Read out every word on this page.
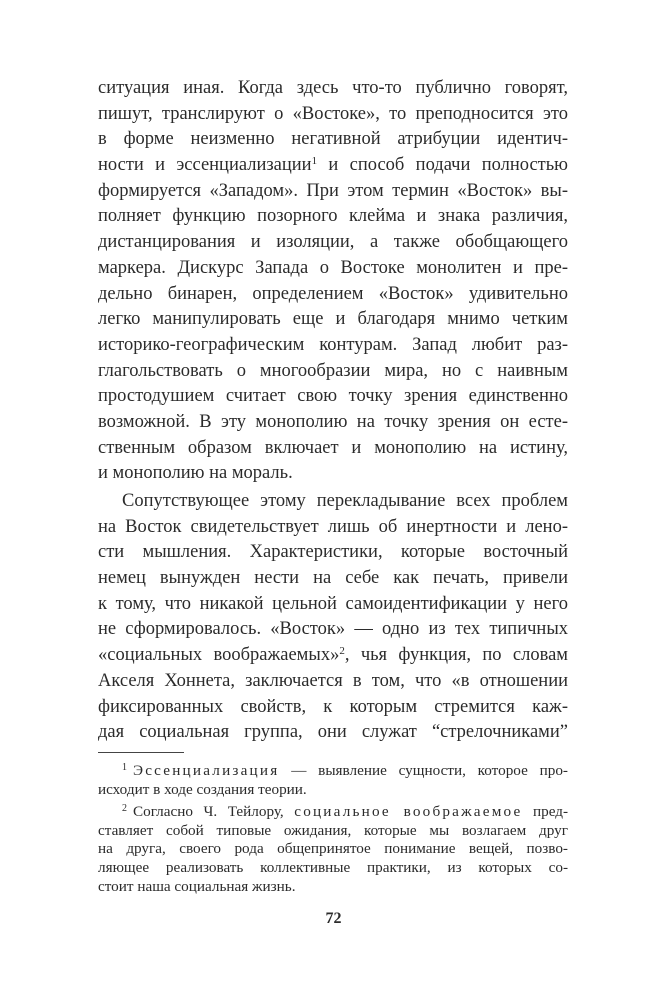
ситуация иная. Когда здесь что-то публично говорят,
пишут, транслируют о «Востоке», то преподносится это
в форме неизменно негативной атрибуции идентич-
ности и эссенциализации$^1$ и способ подачи полностью
формируется «Западом». При этом термин «Восток» вы-
полняет функцию позорного клейма и знака различия,
дистанцирования и изоляции, а также обобщающего
маркера. Дискурс Запада о Востоке монолитен и пре-
дельно бинарен, определением «Восток» удивительно
легко манипулировать еще и благодаря мнимо четким
историко-географическим контурам. Запад любит раз-
глагольствовать о многообразии мира, но с наивным
простодушием считает свою точку зрения единственно
возможной. В эту монополию на точку зрения он есте-
ственным образом включает и монополию на истину,
и монополию на мораль.
Сопутствующее этому перекладывание всех проблем
на Восток свидетельствует лишь об инертности и лено-
сти мышления. Характеристики, которые восточный
немец вынужден нести на себе как печать, привели
к тому, что никакой цельной самоидентификации у него
не сформировалось. «Восток» — одно из тех типичных
«социальных воображаемых»$^2$, чья функция, по словам
Акселя Хоннета, заключается в том, что «в отношении
фиксированных свойств, к которым стремится каж-
дая социальная группа, они служат “стрелочниками”
$^1$ Эссенциализация — выявление сущности, которое про-
исходит в ходе создания теории.
$^2$ Согласно Ч. Тейлору, социальное воображаемое пред-
ставляет собой типовые ожидания, которые мы возлагаем друг
на друга, своего рода общепринятое понимание вещей, позво-
ляющее реализовать коллективные практики, из которых со-
стоит наша социальная жизнь.
72
